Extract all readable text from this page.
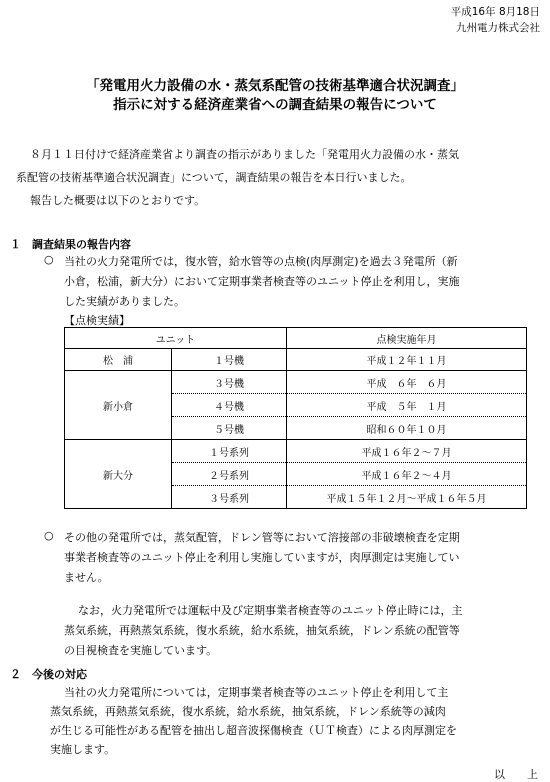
平成16年 8月18日
九州電力株式会社
「発電用火力設備の水・蒸気系配管の技術基準適合状況調査」
指示に対する経済産業省への調査結果の報告について
８月１１日付けで経済産業省より調査の指示がありました「発電用火力設備の水・蒸気
系配管の技術基準適合状況調査」について，調査結果の報告を本日行いました。
報告した概要は以下のとおりです。
１　調査結果の報告内容
○ 当社の火力発電所では，復水管，給水管等の点検(肉厚測定)を過去３発電所（新
小倉，松浦，新大分）において定期事業者検査等のユニット停止を利用し，実施
した実績がありました。
【点検実績】
ユニット		点検実施年月
松　浦	１号機	平成１２年１１月
新小倉	３号機	平成　６年　６月
	４号機	平成　５年　１月
	５号機	昭和６０年１０月
新大分	１号系列	平成１６年２～７月
	２号系列	平成１６年２～４月
	３号系列	平成１５年１２月～平成１６年５月
○ その他の発電所では，蒸気配管，ドレン管等において溶接部の非破壊検査を定期
事業者検査等のユニット停止を利用し実施していますが，肉厚測定は実施してい
ません。
なお，火力発電所では運転中及び定期事業者検査等のユニット停止時には，主
蒸気系統，再熱蒸気系統，復水系統，給水系統，抽気系統，ドレン系統の配管等
の目視検査を実施しています。
２　今後の対応
当社の火力発電所については，定期事業者検査等のユニット停止を利用して主
蒸気系統，再熱蒸気系統，復水系統，給水系統，抽気系統，ドレン系統等の減肉
が生じる可能性がある配管を抽出し超音波探傷検査（ＵＴ検査）による肉厚測定を
実施します。
以　　上
